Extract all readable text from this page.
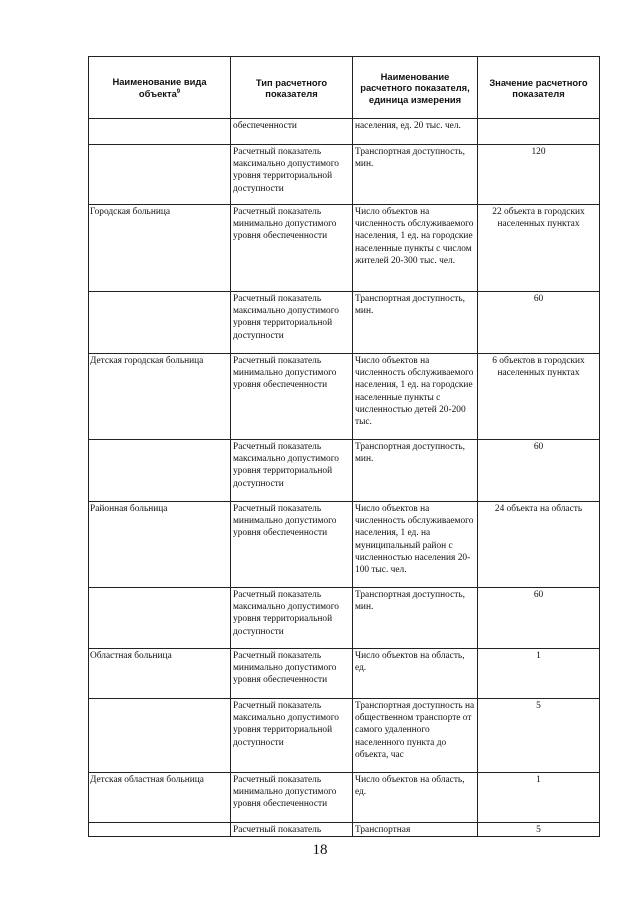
Наименование вида объекта$^9$	Тип расчетного показателя	Наименование расчетного показателя, единица измерения	Значение расчетного показателя
	обеспеченности	населения, ед. 20 тыс. чел.	
	Расчетный показатель максимально допустимого уровня территориальной доступности	Транспортная доступность, мин.	120
Городская больница	Расчетный показатель минимально допустимого уровня обеспеченности	Число объектов на численность обслуживаемого населения, 1 ед. на городские населенные пункты с числом жителей 20-300 тыс. чел.	22 объекта в городских населенных пунктах
	Расчетный показатель максимально допустимого уровня территориальной доступности	Транспортная доступность, мин.	60
Детская городская больница	Расчетный показатель минимально допустимого уровня обеспеченности	Число объектов на численность обслуживаемого населения, 1 ед. на городские населенные пункты с численностью детей 20-200 тыс.	6 объектов в городских населенных пунктах
	Расчетный показатель максимально допустимого уровня территориальной доступности	Транспортная доступность, мин.	60
Районная больница	Расчетный показатель минимально допустимого уровня обеспеченности	Число объектов на численность обслуживаемого населения, 1 ед. на муниципальный район с численностью населения 20-100 тыс. чел.	24 объекта на область
	Расчетный показатель максимально допустимого уровня территориальной доступности	Транспортная доступность, мин.	60
Областная больница	Расчетный показатель минимально допустимого уровня обеспеченности	Число объектов на область, ед.	1
	Расчетный показатель максимально допустимого уровня территориальной доступности	Транспортная доступность на общественном транспорте от самого удаленного населенного пункта до объекта, час	5
Детская областная больница	Расчетный показатель минимально допустимого уровня обеспеченности	Число объектов на область, ед.	1
	Расчетный показатель	Транспортная	5
18
